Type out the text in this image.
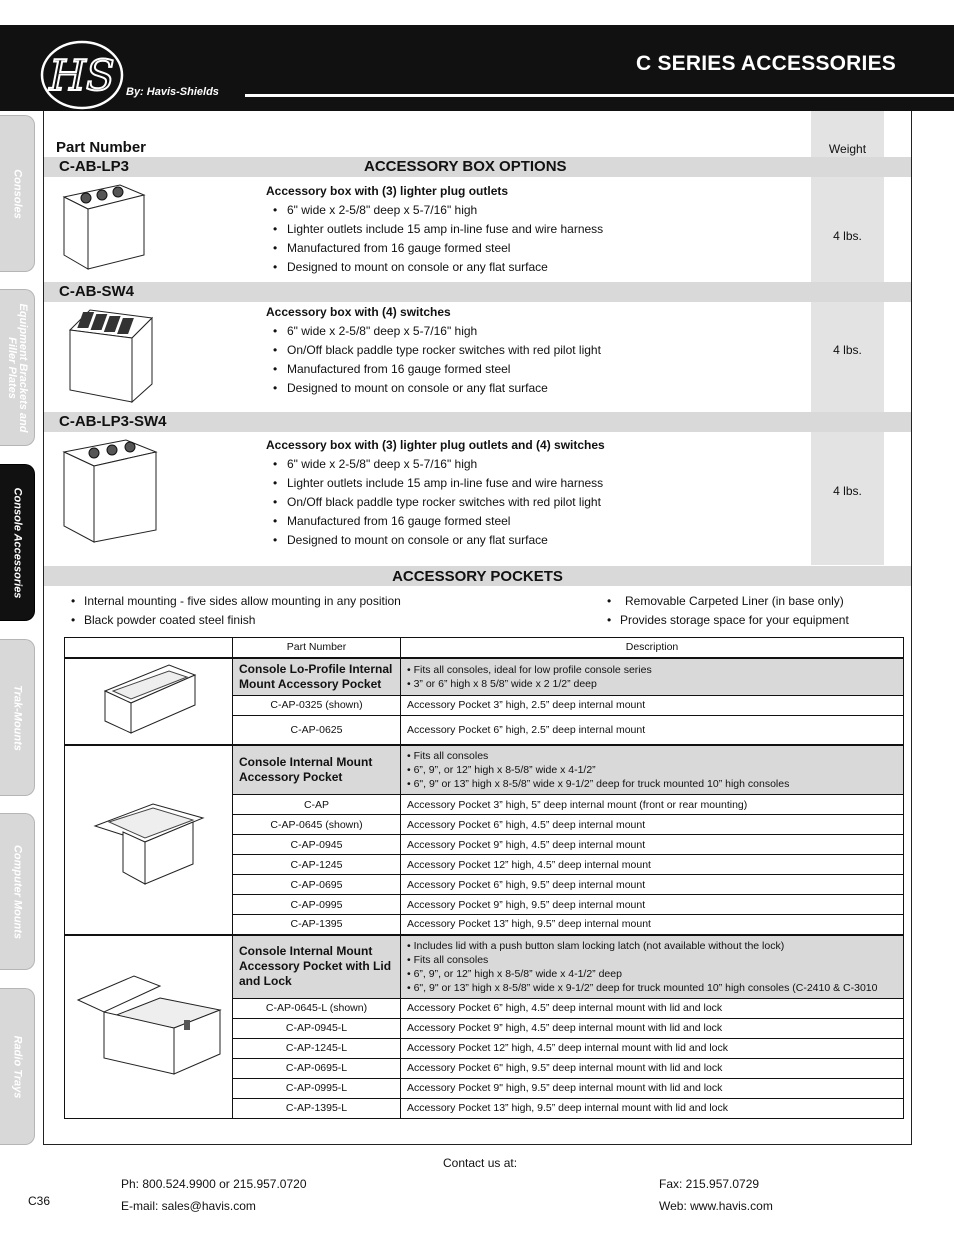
HS By: Havis-Shields
C SERIES ACCESSORIES
Consoles
Equipment Brackets and Filler Plates
Console Accessories
Trak-Mounts
Computer Mounts
Radio Trays
Part Number	Weight
C-AB-LP3	ACCESSORY BOX OPTIONS
Accessory box with (3) lighter plug outlets
• 6" wide x 2-5/8" deep x 5-7/16" high
• Lighter outlets include 15 amp in-line fuse and wire harness
• Manufactured from 16 gauge formed steel
• Designed to mount on console or any flat surface
4 lbs.
C-AB-SW4
Accessory box with (4) switches
• 6" wide x 2-5/8" deep x 5-7/16" high
• On/Off black paddle type rocker switches with red pilot light
• Manufactured from 16 gauge formed steel
• Designed to mount on console or any flat surface
4 lbs.
C-AB-LP3-SW4
Accessory box with (3) lighter plug outlets and (4) switches
• 6" wide x 2-5/8" deep x 5-7/16" high
• Lighter outlets include 15 amp in-line fuse and wire harness
• On/Off black paddle type rocker switches with red pilot light
• Manufactured from 16 gauge formed steel
• Designed to mount on console or any flat surface
4 lbs.
ACCESSORY POCKETS
• Internal mounting - five sides allow mounting in any position
• Black powder coated steel finish
• Removable Carpeted Liner (in base only)
• Provides storage space for your equipment
	Part Number	Description
	Console Lo-Profile Internal Mount Accessory Pocket	• Fits all consoles, ideal for low profile console series
• 3” or 6” high x 8 5/8” wide x 2 1/2” deep

	C-AP-0325 (shown)	Accessory Pocket 3” high, 2.5” deep internal mount
	C-AP-0625	Accessory Pocket 6” high, 2.5” deep internal mount
	Console Internal Mount Accessory Pocket	• Fits all consoles
• 6”, 9”, or 12” high x 8-5/8” wide x 4-1/2”
• 6", 9" or 13” high x 8-5/8” wide x 9-1/2” deep for truck mounted 10” high consoles

	C-AP	Accessory Pocket 3” high, 5” deep internal mount (front or rear mounting)
	C-AP-0645 (shown)	Accessory Pocket 6” high, 4.5” deep internal mount
	C-AP-0945	Accessory Pocket 9” high, 4.5” deep internal mount
	C-AP-1245	Accessory Pocket 12” high, 4.5” deep internal mount
	C-AP-0695	Accessory Pocket 6” high, 9.5” deep internal mount
	C-AP-0995	Accessory Pocket 9” high, 9.5” deep internal mount
	C-AP-1395	Accessory Pocket 13” high, 9.5” deep internal mount
	Console Internal Mount Accessory Pocket with Lid and Lock	• Includes lid with a push button slam locking latch (not available without the lock)
• Fits all consoles
• 6”, 9”, or 12” high x 8-5/8” wide x 4-1/2” deep
• 6", 9" or 13” high x 8-5/8” wide x 9-1/2” deep for truck mounted 10” high consoles (C-2410 & C-3010

	C-AP-0645-L (shown)	Accessory Pocket 6” high, 4.5” deep internal mount with lid and lock
	C-AP-0945-L	Accessory Pocket 9” high, 4.5” deep internal mount with lid and lock
	C-AP-1245-L	Accessory Pocket 12” high, 4.5” deep internal mount with lid and lock
	C-AP-0695-L	Accessory Pocket 6" high, 9.5” deep internal mount with lid and lock
	C-AP-0995-L	Accessory Pocket 9" high, 9.5” deep internal mount with lid and lock
	C-AP-1395-L	Accessory Pocket 13” high, 9.5” deep internal mount with lid and lock
Contact us at:
Ph: 800.524.9900 or 215.957.0720
E-mail: sales@havis.com
Fax: 215.957.0729
Web: www.havis.com
C36
